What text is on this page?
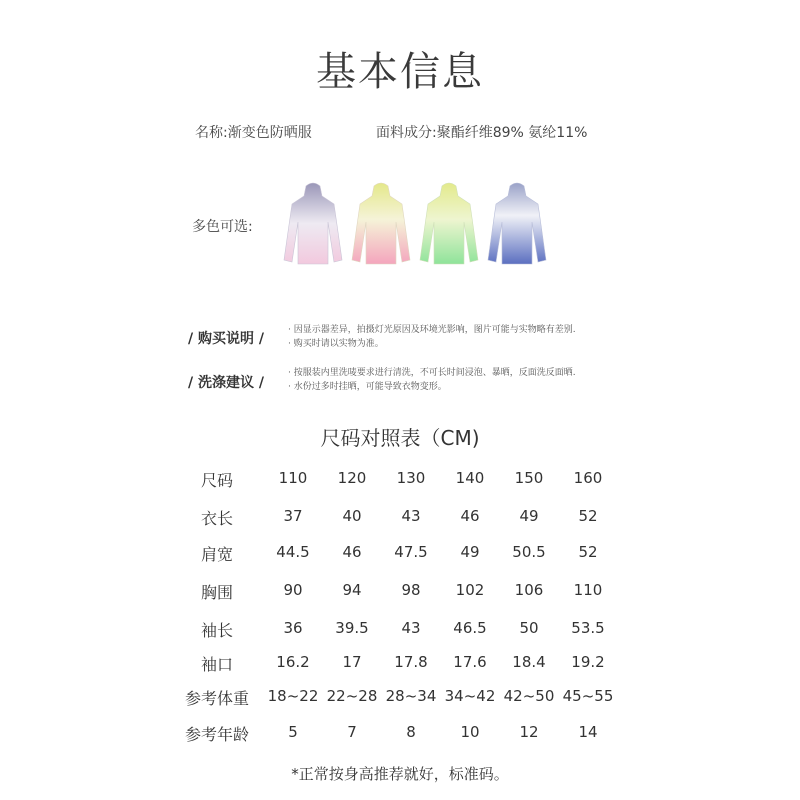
基本信息
名称:渐变色防晒服	面料成分:聚酯纤维89% 氨纶11%
多色可选:
/ 购买说明 /
· 因显示器差异，拍摄灯光原因及环境光影响，图片可能与实物略有差别.
· 购买时请以实物为准。
/ 洗涤建议 /
· 按服装内里洗唛要求进行清洗，不可长时间浸泡、暴晒，反面洗反面晒.
· 水份过多时挂晒，可能导致衣物变形。
尺码对照表（CM)
尺码	110	120	130	140	150	160
衣长	37	40	43	46	49	52
肩宽	44.5	46	47.5	49	50.5	52
胸围	90	94	98	102	106	110
袖长	36	39.5	43	46.5	50	53.5
袖口	16.2	17	17.8	17.6	18.4	19.2
参考体重	18~22 22~28 28~34 34~42 42~50 45~55
参考年龄	5	7	8	10	12	14
*正常按身高推荐就好，标准码。
